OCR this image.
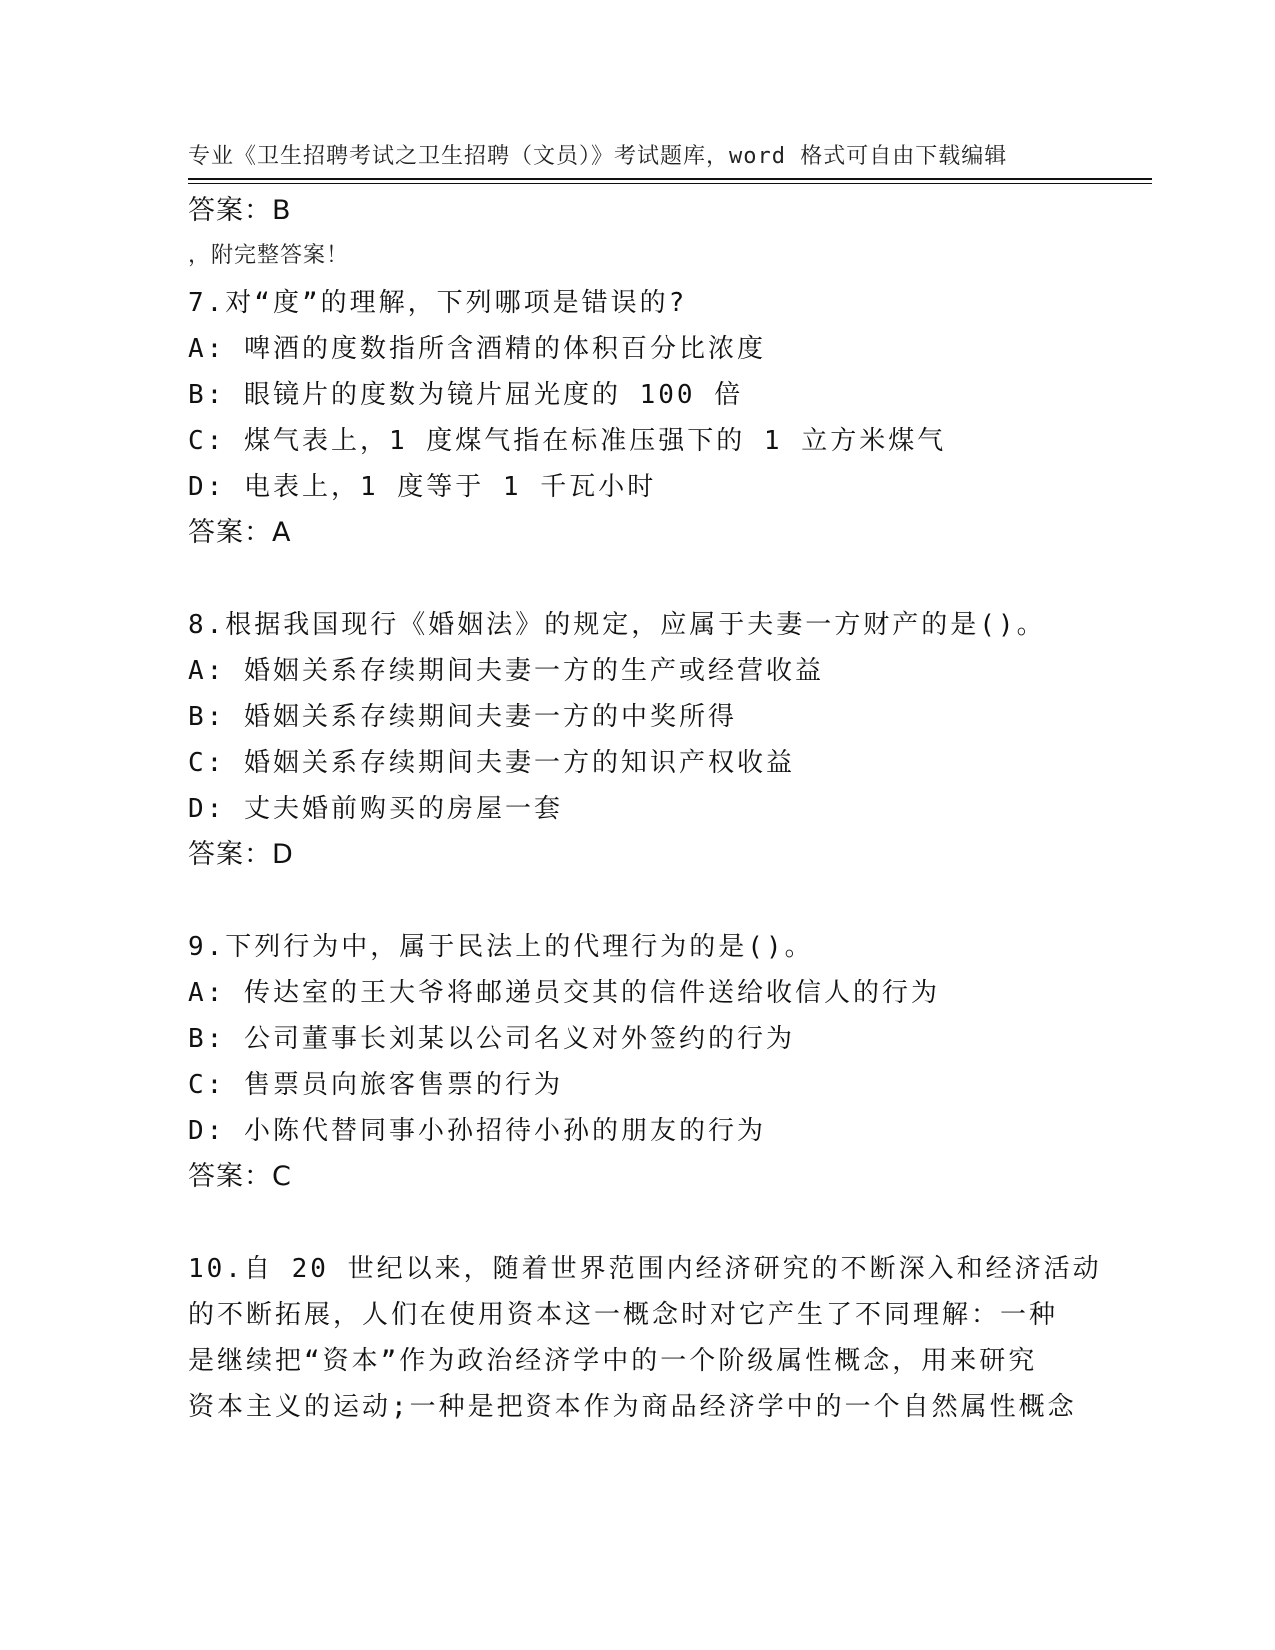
专业《卫生招聘考试之卫生招聘（文员）》考试题库，word 格式可自由下载编辑

，附完整答案！

答案：B
7.对“度”的理解，下列哪项是错误的?
A: 啤酒的度数指所含酒精的体积百分比浓度
B: 眼镜片的度数为镜片屈光度的 100 倍
C: 煤气表上，1 度煤气指在标准压强下的 1 立方米煤气
D: 电表上，1 度等于 1 千瓦小时
答案：A
8.根据我国现行《婚姻法》的规定，应属于夫妻一方财产的是()。
A: 婚姻关系存续期间夫妻一方的生产或经营收益
B: 婚姻关系存续期间夫妻一方的中奖所得
C: 婚姻关系存续期间夫妻一方的知识产权收益
D: 丈夫婚前购买的房屋一套
答案：D
9.下列行为中，属于民法上的代理行为的是()。
A: 传达室的王大爷将邮递员交其的信件送给收信人的行为
B: 公司董事长刘某以公司名义对外签约的行为
C: 售票员向旅客售票的行为
D: 小陈代替同事小孙招待小孙的朋友的行为
答案：C
10.自 20 世纪以来，随着世界范围内经济研究的不断深入和经济活动
的不断拓展，人们在使用资本这一概念时对它产生了不同理解：一种
是继续把“资本”作为政治经济学中的一个阶级属性概念，用来研究
资本主义的运动;一种是把资本作为商品经济学中的一个自然属性概念
